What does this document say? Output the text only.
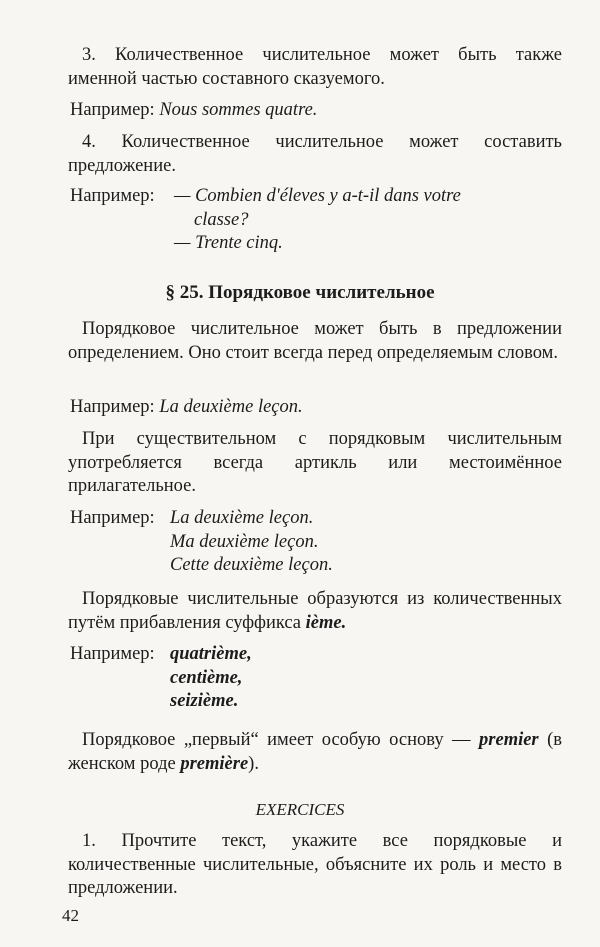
3. Количественное числительное может быть также именной частью составного сказуемого.
Например: Nous sommes quatre.
4. Количественное числительное может составить предложение.
Например:	— Combien d'éleves y a-t-il dans votre
classe?
— Trente cinq.
§ 25. Порядковое числительное
Порядковое числительное может быть в предложении определением. Оно стоит всегда перед определяемым словом.
Например: La deuxième leçon.
При существительном с порядковым числительным употребляется всегда артикль или местоимённое прилагательное.
Например: La deuxième leçon.
Ma deuxième leçon.
Cette deuxième leçon.
Порядковые числительные образуются из количественных путём прибавления суффикса ième.
Например: quatrième,
centième,
seizième.
Порядковое „первый“ имеет особую основу — premier (в женском роде première).
EXERCICES
1. Прочтите текст, укажите все порядковые и количественные числительные, объясните их роль и место в предложении.
42
